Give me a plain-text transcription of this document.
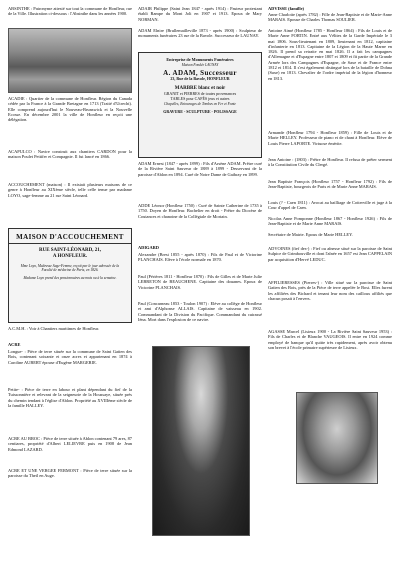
ABSINTHE : Patronyme attesté sur tout la commune de Honfleur, rue de la Ville. Illustration ci-dessous : l'Absinthe dans les années 1900.

ACADIE : Quartier de la commune de Honfleur. Région du Canada cédée par la France à la Grande Bretagne en 1713 (Traité d'Utrecht). Elle comprend aujourd'hui le Nouveau-Brunswick et la Nouvelle Ecosse. En décembre 2001 la ville de Honfleur en reçoit une délégation.

ACAPULCO : Navire construit aux chantiers CARDON pour la maison Poulet Pettifer et Compagnie. Il fut lancé en 1866.

ACCOUCHEMENT (maison) : Il existait plusieurs maisons de ce genre à Honfleur au XIXème siècle, telle celle tenue par madame LOYO, sage-femme au 21 rue Saint Léonard.

MAISON D'ACCOUCHEMENT
RUE SAINT-LÉONARD, 21,
A HONFLEUR.
Mme Loyo, Maîtresse Sage-Femme, reçoit par le jour adressée de la Faculté de médecine de Paris, en 1826.
Madame Loyo prend des pensionnaires au mois ou à la semaine.

A.C.M.H. : Voir à Chantiers maritimes de Honfleur.

ACRE

Longue- : Pièce de terre située sur la commune de Saint Gatien des Bois, contenant soixante et onze acres et appartenant en 1874 à Caroline AUBERT épouse d'Eugène MARGERIE.

Petite- : Pièce de terre en labour et plant dépendant du fief de la Tuissonnière et relevant de la seigneurie de la Houssaye, située près du chemin tendant à l'église d'Ablon. Propriété au XVIIIème siècle de la famille HALLEY.

ACRE AU BROC : Pièce de terre située à Ablon contenant 79 ares, 87 centiares, propriété d'Albert LELIEVRE puis en 1908 de Jean Edmond LAZARD.

ACRE ET UNE VERGEE FERMONT : Pièce de terre située sur la paroisse du Theil en Auge.

ADAIR Philippe (Saint Jean 1847 - après 1914) : Pasteur protestant établi Rampe du Mont Joli en 1907 et 1913. Epoux de Mary NORMAN.

ADAM Elnire (Brullemailleville 1873 - après 1900) : Sculpteur de monuments funéraires 23 rue de la Bavole. Successeur de LAUNAY.

Entreprise de Monuments Funéraires
Maison Fondée LAUNAY
A. ADAM, Successeur
23, Rue de la Bavole, HONFLEUR
MARBRE blanc et noir
GRANIT et PIERRES de toutes provenances
TABLES pour CAFÉS jeux et autres
Chapelles, Entourages de Tombes en Fer et Fonte
GRAVURE - SCULPTURE - POLISSAGE

ADAM Ernest (1847 - après 1899) : Fils d'Arsène ADAM. Prêtre curé de la Rivière Saint Sauveur de 1889 à 1899 - Desservant de la paroisse d'Ablon en 1894. Curé de Notre Dame de Gaibray en 1899.

ADDE Léonor (Honfleur 1750) : Curé de Sainte Catherine de 1735 à 1750. Doyen de Honfleur. Bachelier en droit - Prêtre du Diocèse de Coutances et chanoine de la Collégiale de Mortain.

ADIGARD

Alexandre (Brest 1855 - après 1870) : Fils de Paul et de Victorine PLANCHAIS. Elève à l'école normale en 1870.

Paul (Périères 1811 - Honfleur 1870) : Fils de Gilles et de Marie Julie LEBRETON de BEAUCHENE. Capitaine des douanes. Epoux de Victorine PLANCHAIS.

Paul (Concarneau 1853 - Toulon 1907) : Elève au collège de Honfleur et ami d'Alphonse ALLAIS. Capitaine de vaisseau en 1902. Commandant de la Division du Pacifique. Commandant du cuirassé Iéna. Mort dans l'explosion de ce navire.

ADVISSE (famille)

Anne Charlotte (après 1782) : Fille de Jean-Baptiste et de Marie-Anne MARAIS. Epouse de Charles Thomas SOULIER.

Antoine Aimé (Honfleur 1785 - Honfleur 1864) : Fils de Louis et de Marie Anne FORTIN. Entré aux Vélites de la Garde Impériale le 3 mai 1806. Sous-lieutenant en 1809, lieutenant en 1812, capitaine d'infanterie en 1813. Capitaine de la Légion de la Haute Marne en 1826. Il prend sa retraite en mai 1826. Il a fait les campagnes d'Allemagne et d'Espagne entre 1807 et 1809 et fit partie de la Grande Armée lors des Campagnes d'Espagne, de Saxe et de France entre 1812 et 1814. Il s'est également distingué lors de la bataille de Dohna (Saxe) en 1813. Chevalier de l'ordre impérial de la légion d'honneur en 1813.

Armande (Honfleur 1794 - Honfleur 1859) : Fille de Louis et de Marie HELLEY. Professeur de piano et de chant à Honfleur. Elève de Louis Pierre LAPORTE. Virtuose émérite.

Jean Antoine : (1803) : Prêtre de Honfleur. Il refusa de prêter serment à la Constitution Civile du Clergé.

Jean Baptiste François (Honfleur 1757 - Honfleur 1792) : Fils de Jean-Baptiste, bourgeois de Paris et de Marie Anne MARAIS.

Louis (? - Caen 1811) : Avocat au bailliage de Cotterville et juge à la Cour d'appel de Caen.

Nicolas Anne Pomponne (Honfleur 1867 - Honfleur 1926) : Fils de Jean-Baptiste et de Marie Anne MARAIS.

Secrétaire de Mairie. Epoux de Marie HELLEY.

ADVOINES (fief des-) : Fief ou aînesse situé sur la paroisse de Saint Sulpice de Grimbouville et dont l'aînée en 1657 est Jean CAPPELAIN par acquisition d'Hervé LEDUC.

AFFILIERESSES (Pierres-) : Ville situé sur la paroisse de Saint Gatien des Bois, près de la Pièce de terre appelée le Bost. Elles furent les affiliées des Bichard et tenant leur nom des cailloux affiliés que chacun posait à l'envers.

AGASSE Marcel (Lisieux 1900 - La Rivière Saint Sauveur 1953) : Fils de Charles et de Blanche VAUGEOIS. Il entre en 1924 comme employé de banque qu'il quitte très rapidement, après avoir obtenu son brevet à l'école primaire supérieure de Lisieux.
